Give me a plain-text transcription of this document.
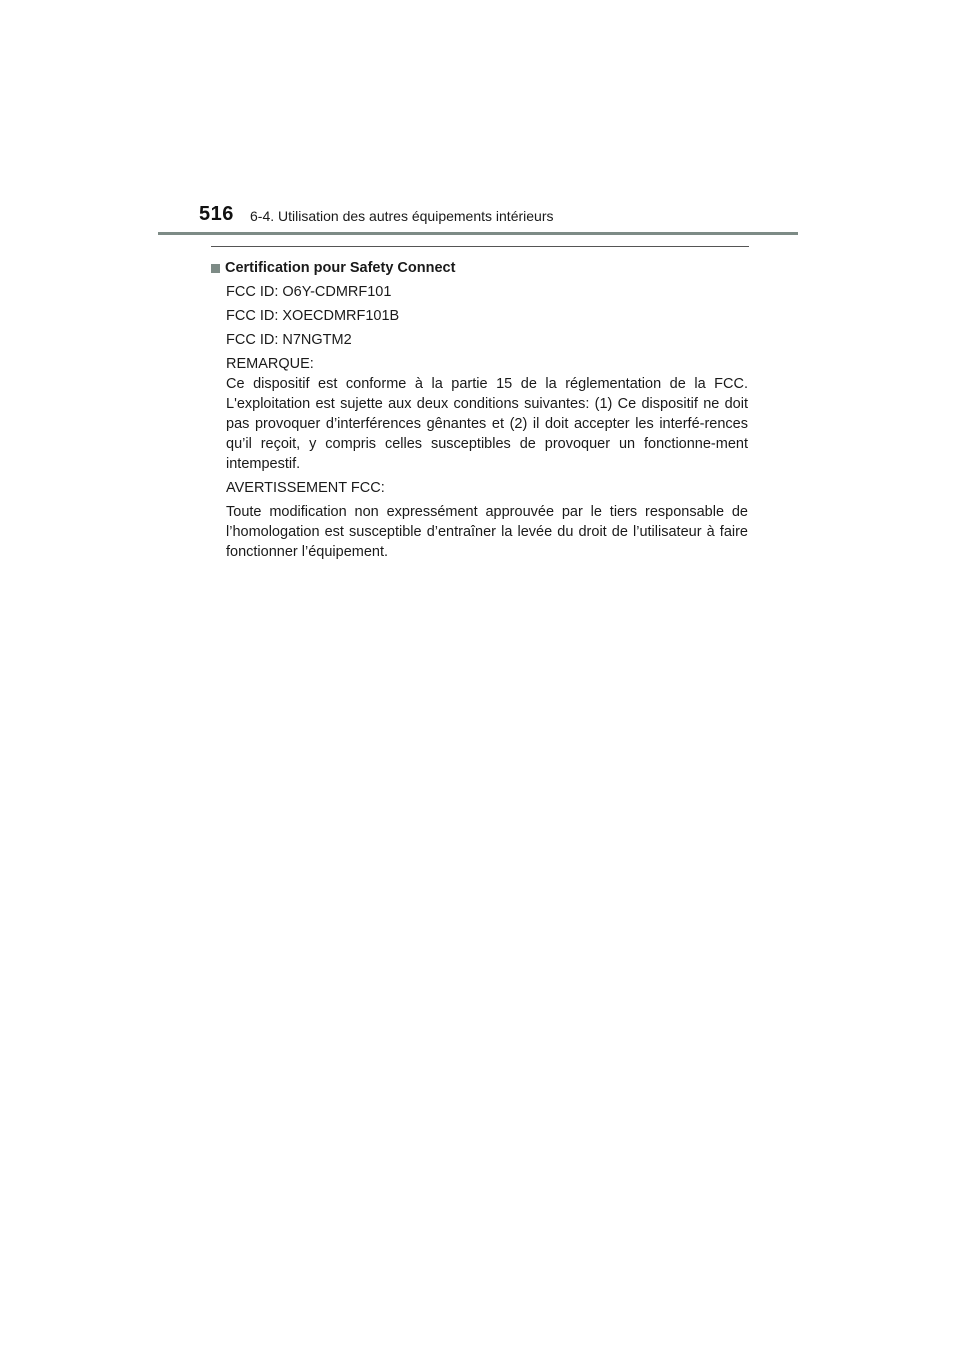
516 6-4. Utilisation des autres équipements intérieurs
Certification pour Safety Connect

FCC ID: O6Y-CDMRF101

FCC ID: XOECDMRF101B

FCC ID: N7NGTM2

REMARQUE:

Ce dispositif est conforme à la partie 15 de la réglementation de la FCC. L'exploitation est sujette aux deux conditions suivantes: (1) Ce dispositif ne doit pas provoquer d’interférences gênantes et (2) il doit accepter les interfé-rences qu’il reçoit, y compris celles susceptibles de provoquer un fonctionne-ment intempestif.

AVERTISSEMENT FCC:

Toute modification non expressément approuvée par le tiers responsable de l’homologation est susceptible d’entraîner la levée du droit de l’utilisateur à faire fonctionner l’équipement.
